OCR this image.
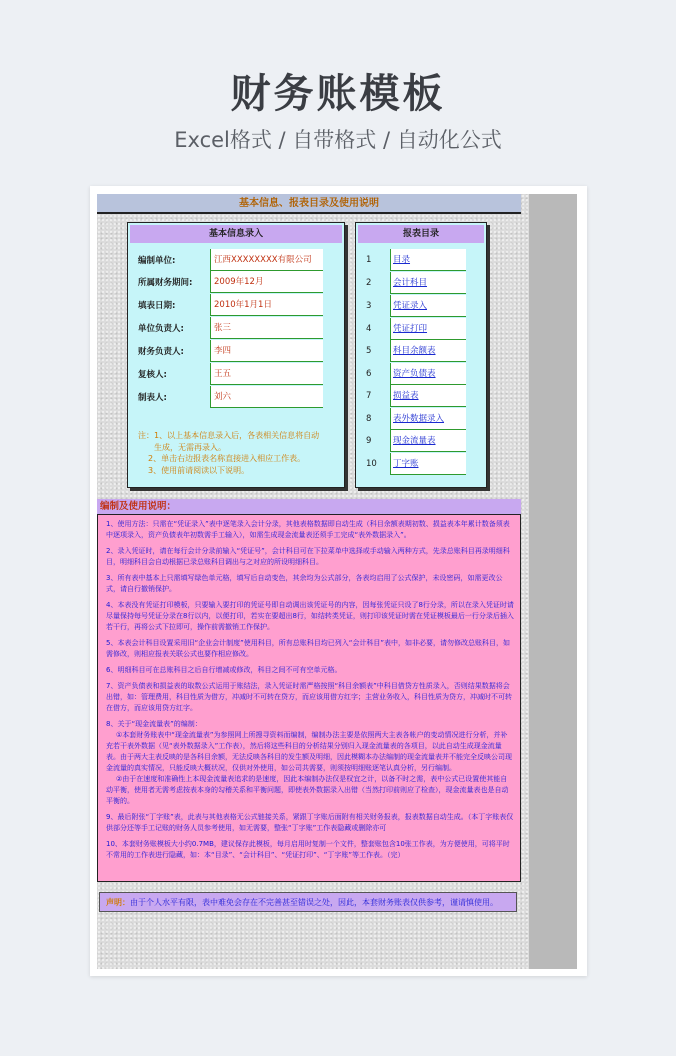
财务账模板
Excel格式 / 自带格式 / 自动化公式
基本信息、报表目录及使用说明
基本信息录入
编制单位:	江西XXXXXXXX有限公司
所属财务期间:	2009年12月
填表日期:	2010年1月1日
单位负责人:	张三
财务负责人:	李四
复核人:	王五
制表人:	刘六
注：1、以上基本信息录入后，各表相关信息将自动

生成，无需再录入。
2、单击右边报表名称直接进入相应工作表。
3、使用前请阅读以下说明。
报表目录
1	目录
2	会计科目
3	凭证录入
4	凭证打印
5	科目余额表
6	资产负债表
7	损益表
8	表外数据录入
9	现金流量表
10	丁字账
编制及使用说明：

1、使用方法：只需在“凭证录入”表中逐笔录入会计分录，其他表格数据即自动生成（科目余额表期初数、损益表本年累计数备须表中逐项录入，资产负债表年初数需手工输入），如需生成现金流量表还须手工完成“表外数据录入”。

2、录入凭证时，请在每行会计分录前输入“凭证号”，会计科目可在下拉菜单中选择或手动输入两种方式，先录总账科目再录明细科目，明细科目会自动根据已录总账科目调出与之对应的所设明细科目。

3、所有表中基本上只需填写绿色单元格，填写后自动变色，其余均为公式部分，各表均启用了公式保护，未设密码，如需更改公式，请自行撤销保护。

4、本表没有凭证打印模板，只要输入要打印的凭证号即自动调出该凭证号的内容，因每张凭证只设了8行分录，所以在录入凭证时请尽量保持每号凭证分录在8行以内，以便打印，若实在要超出8行，如结转类凭证，则打印该凭证时需在凭证模板最后一行分录后插入若干行，再将公式下拉即可，操作前需撤销工作保护。

5、本表会计科目设置采用旧“企业会计制度”使用科目，所有总账科目均已列入“会计科目”表中，如非必要，请勿修改总账科目，如需修改，则相应报表关联公式也要作相应修改。

6、明细科目可在总账科目之后自行增减或修改，科目之间不可有空单元格。

7、资产负债表和损益表的取数公式运用于账结法，录入凭证时需严格按照“科目余额表”中科目借贷方性质录入，否则结果数据将会出错，如：管理费用，科目性质为借方，冲减时不可转在贷方，而应该用借方红字；主营业务收入，科目性质为贷方，冲减时不可转在借方，而应该用贷方红字。

8、关于“现金流量表”的编制：

①本套财务账表中“现金流量表”为参照网上所搜寻资料而编制，编制办法主要是依照两大主表各帐户的变动情况进行分析，并补充若干表外数据（见“表外数据录入”工作表），然后将这些科目的分析结果分别归入现金流量表的各项目，以此自动生成现金流量表。由于两大主表反映的是各科目余额，无法反映各科目的发生额及明细，因此模糊本办法编制的现金流量表并不能完全反映公司现金流量的真实情况，只能反映大概状况，仅供对外使用，如公司共需要，则须按明细账逐笔认真分析，另行编制。

②由于在速度和准确性上本现金流量表追求的是速度，因此本编制办法仅是权宜之计，以备不时之需，表中公式已设置使其能自动平衡，使用者无需考虑按表本身的勾稽关系和平衡问题，即使表外数据录入出错（当然打印前则应了检查），现金流量表也是自动平衡的。

9、最后附张“丁字账”表，此表与其他表格无公式链接关系，紧跟丁字账后面附有相关财务报表，报表数据自动生成。（本丁字账表仅供部分还等手工记账的财务人员参考使用，如无需要，整张“丁字账”工作表隐藏或删除亦可

10、本套财务账模板大小约0.7MB，建议保存此模板，每月启用时复制一个文件，整套账包含10张工作表，为方便使用，可将平时不常用的工作表进行隐藏，如：本“目录”、“会计科目”、“凭证打印”、“丁字账”等工作表。（完）

声明：由于个人水平有限，表中难免会存在不完善甚至错误之处，因此，本套财务账表仅供参考，谨请慎使用。
